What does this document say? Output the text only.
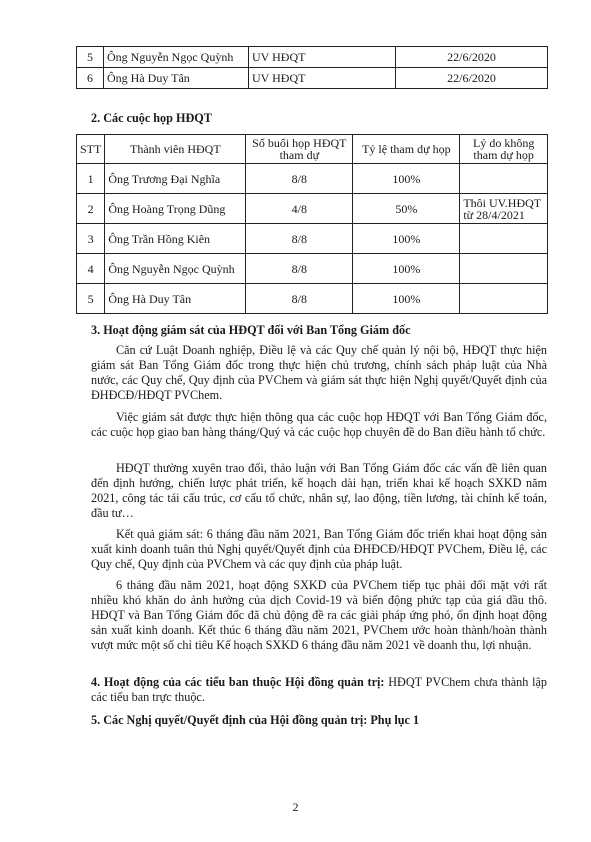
5	Ông Nguyễn Ngọc Quỳnh	UV HĐQT	22/6/2020
6	Ông Hà Duy Tân	UV HĐQT	22/6/2020

2. Các cuộc họp HĐQT

STT	Thành viên HĐQT	Số buổi họp HĐQT tham dự	Tỷ lệ tham dự họp	Lý do không tham dự họp
1	Ông Trương Đại Nghĩa	8/8	100%	
2	Ông Hoàng Trọng Dũng	4/8	50%	Thôi UV.HĐQT từ 28/4/2021
3	Ông Trần Hồng Kiên	8/8	100%	
4	Ông Nguyễn Ngọc Quỳnh	8/8	100%	
5	Ông Hà Duy Tân	8/8	100%	

3. Hoạt động giám sát của HĐQT đối với Ban Tổng Giám đốc

Căn cứ Luật Doanh nghiệp, Điều lệ và các Quy chế quản lý nội bộ, HĐQT thực hiện giám sát Ban Tổng Giám đốc trong thực hiện chủ trương, chính sách pháp luật của Nhà nước, các Quy chế, Quy định của PVChem và giám sát thực hiện Nghị quyết/Quyết định của ĐHĐCĐ/HĐQT PVChem.

Việc giám sát được thực hiện thông qua các cuộc họp HĐQT với Ban Tổng Giám đốc, các cuộc họp giao ban hàng tháng/Quý và các cuộc họp chuyên đề do Ban điều hành tổ chức.

HĐQT thường xuyên trao đổi, thảo luận với Ban Tổng Giám đốc các vấn đề liên quan đến định hướng, chiến lược phát triển, kế hoạch dài hạn, triển khai kế hoạch SXKD năm 2021, công tác tái cấu trúc, cơ cấu tổ chức, nhân sự, lao động, tiền lương, tài chính kế toán, đầu tư…

Kết quả giám sát: 6 tháng đầu năm 2021, Ban Tổng Giám đốc triển khai hoạt động sản xuất kinh doanh tuân thủ Nghị quyết/Quyết định của ĐHĐCĐ/HĐQT PVChem, Điều lệ, các Quy chế, Quy định của PVChem và các quy định của pháp luật.

6 tháng đầu năm 2021, hoạt động SXKD của PVChem tiếp tục phải đối mặt với rất nhiều khó khăn do ảnh hưởng của dịch Covid-19 và biến động phức tạp của giá dầu thô. HĐQT và Ban Tổng Giám đốc đã chủ động đề ra các giải pháp ứng phó, ổn định hoạt động sản xuất kinh doanh. Kết thúc 6 tháng đầu năm 2021, PVChem ước hoàn thành/hoàn thành vượt mức một số chỉ tiêu Kế hoạch SXKD 6 tháng đầu năm 2021 về doanh thu, lợi nhuận.

4. Hoạt động của các tiểu ban thuộc Hội đồng quản trị: HĐQT PVChem chưa thành lập các tiểu ban trực thuộc.

5. Các Nghị quyết/Quyết định của Hội đồng quản trị: Phụ lục 1

2
